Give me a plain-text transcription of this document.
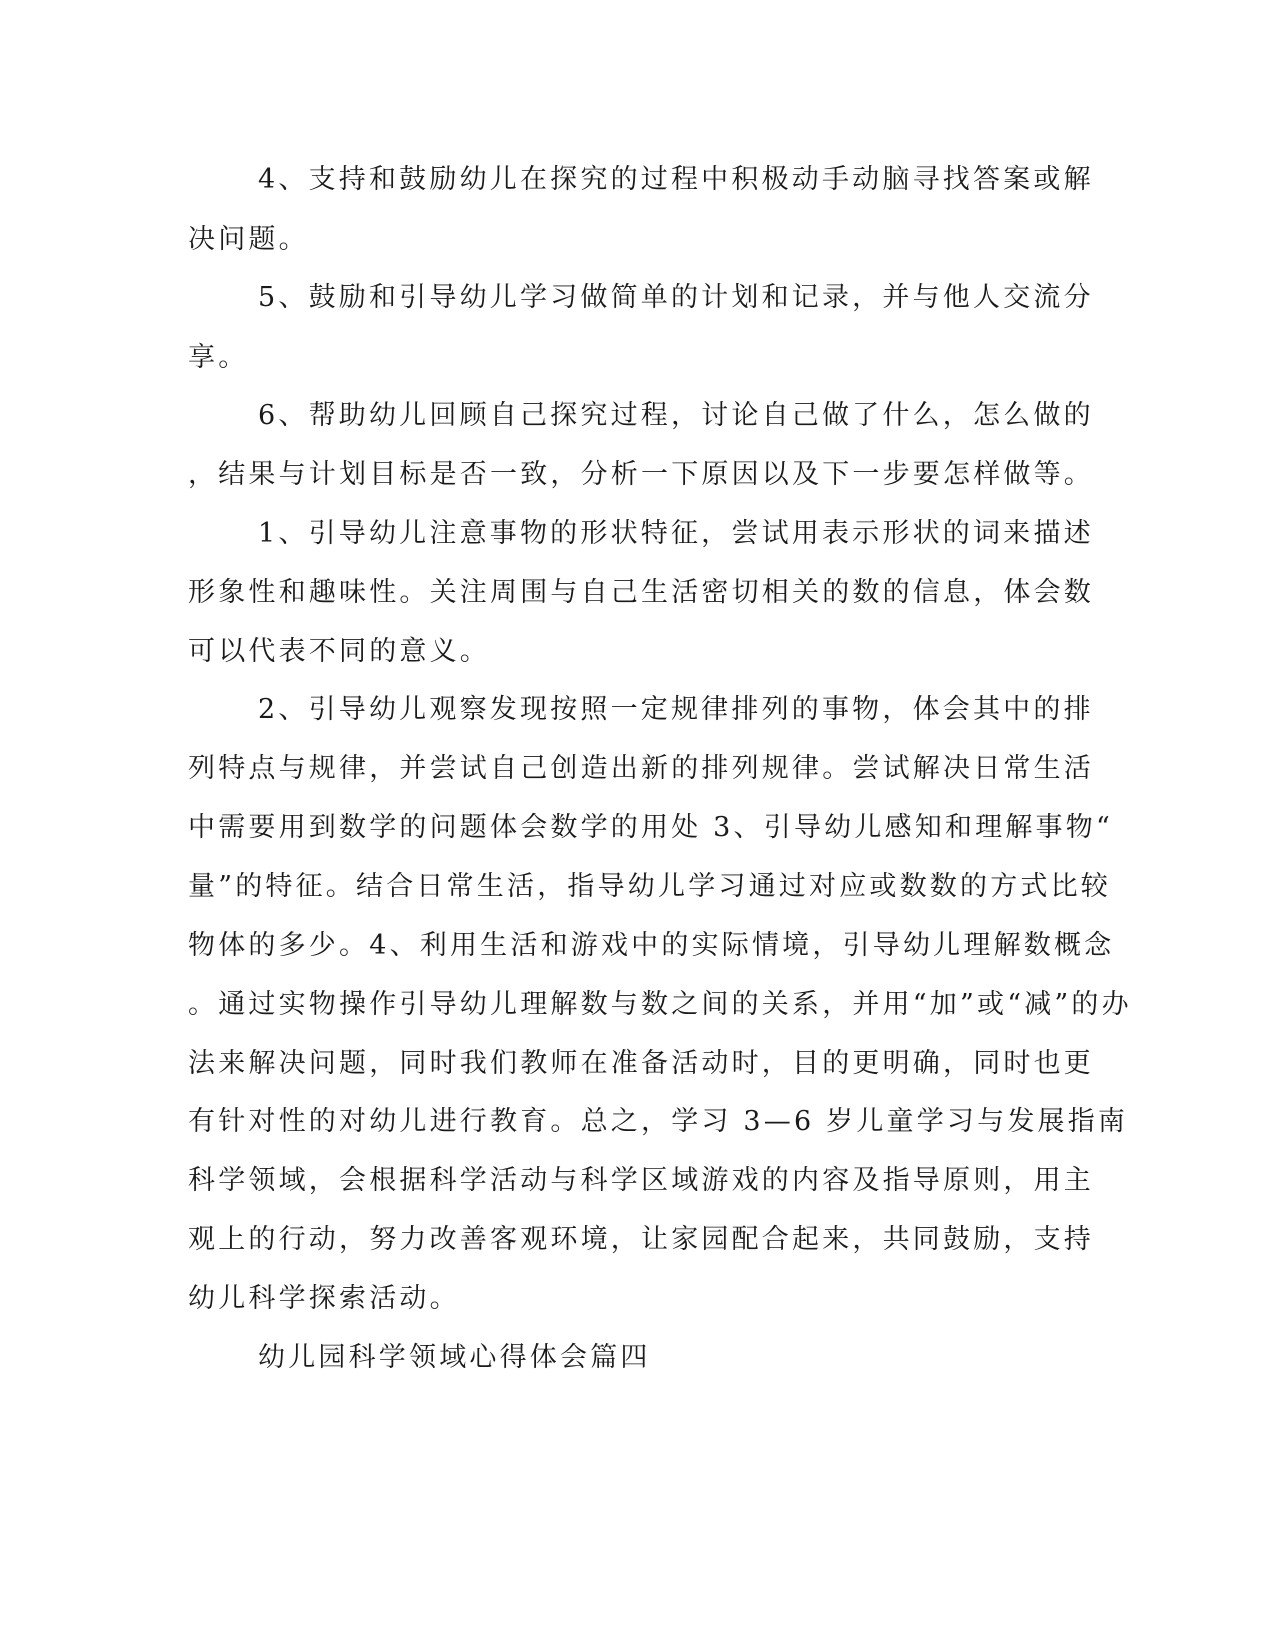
4、支持和鼓励幼儿在探究的过程中积极动手动脑寻找答案或解
决问题。
5、鼓励和引导幼儿学习做简单的计划和记录，并与他人交流分
享。
6、帮助幼儿回顾自己探究过程，讨论自己做了什么，怎么做的
，结果与计划目标是否一致，分析一下原因以及下一步要怎样做等。
1、引导幼儿注意事物的形状特征，尝试用表示形状的词来描述
形象性和趣味性。关注周围与自己生活密切相关的数的信息，体会数
可以代表不同的意义。
2、引导幼儿观察发现按照一定规律排列的事物，体会其中的排
列特点与规律，并尝试自己创造出新的排列规律。尝试解决日常生活
中需要用到数学的问题体会数学的用处 3、引导幼儿感知和理解事物“
量”的特征。结合日常生活，指导幼儿学习通过对应或数数的方式比较
物体的多少。4、利用生活和游戏中的实际情境，引导幼儿理解数概念
。通过实物操作引导幼儿理解数与数之间的关系，并用“加”或“减”的办
法来解决问题，同时我们教师在准备活动时，目的更明确，同时也更
有针对性的对幼儿进行教育。总之，学习 3—6 岁儿童学习与发展指南
科学领域，会根据科学活动与科学区域游戏的内容及指导原则，用主
观上的行动，努力改善客观环境，让家园配合起来，共同鼓励，支持
幼儿科学探索活动。
幼儿园科学领域心得体会篇四
